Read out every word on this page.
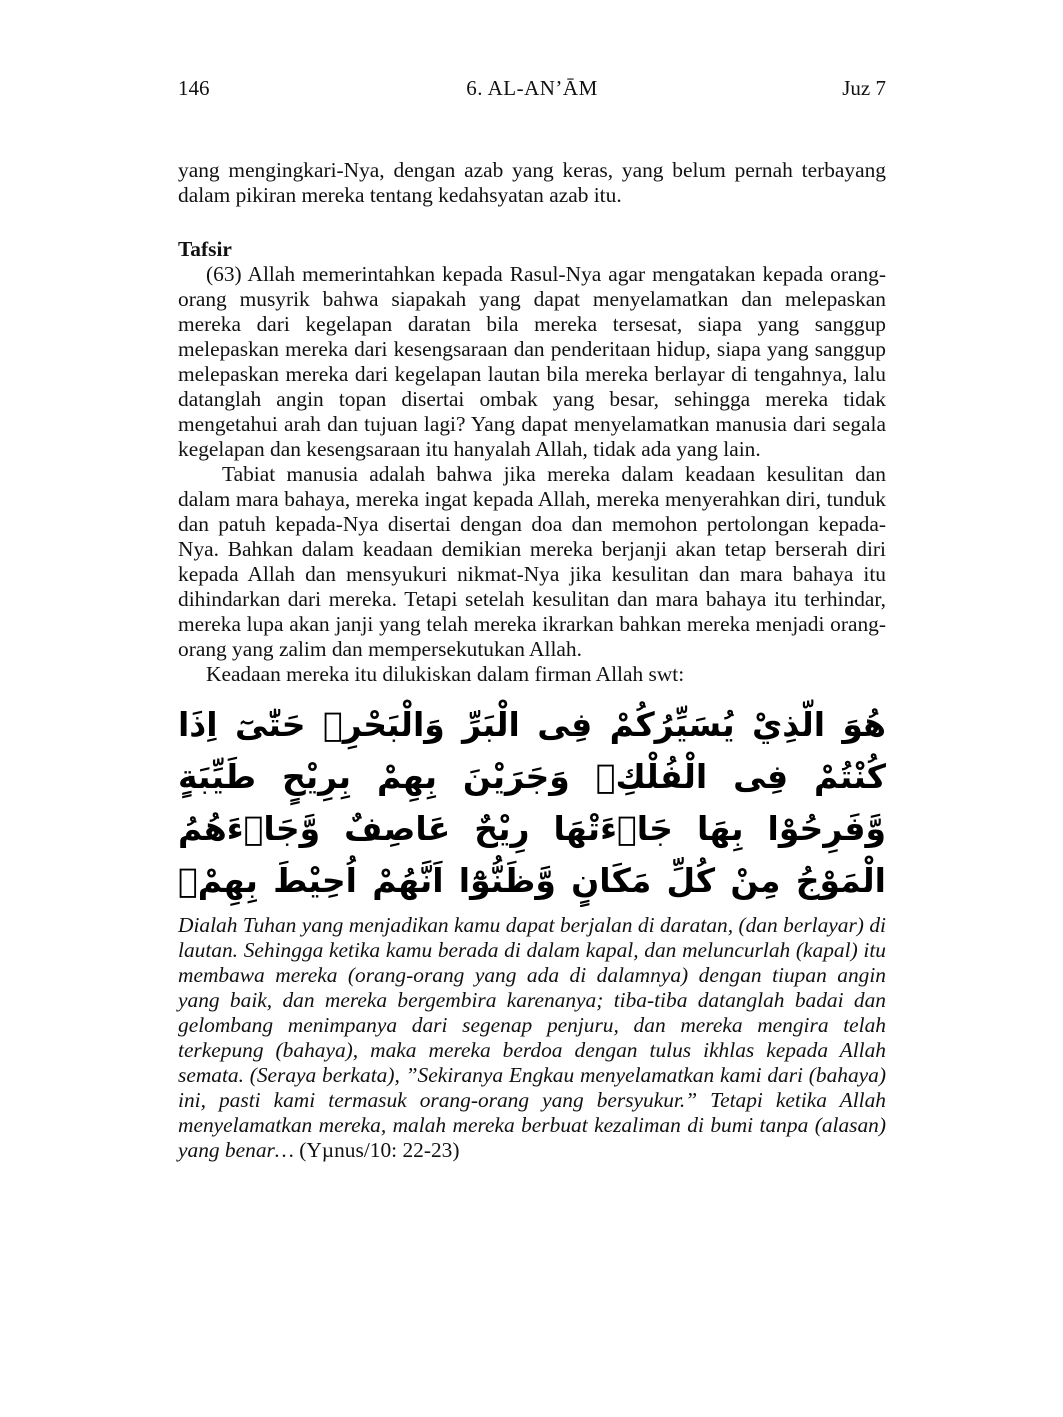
146	6. AL-AN’ĀM	Juz 7

yang mengingkari-Nya, dengan azab yang keras, yang belum pernah terbayang dalam pikiran mereka tentang kedahsyatan azab itu.

Tafsir

(63) Allah memerintahkan kepada Rasul-Nya agar mengatakan kepada orang-orang musyrik bahwa siapakah yang dapat menyelamatkan dan melepaskan mereka dari kegelapan daratan bila mereka tersesat, siapa yang sanggup melepaskan mereka dari kesengsaraan dan penderitaan hidup, siapa yang sanggup melepaskan mereka dari kegelapan lautan bila mereka berlayar di tengahnya, lalu datanglah angin topan disertai ombak yang besar, sehingga mereka tidak mengetahui arah dan tujuan lagi? Yang dapat menyelamatkan manusia dari segala kegelapan dan kesengsaraan itu hanyalah Allah, tidak ada yang lain.

Tabiat manusia adalah bahwa jika mereka dalam keadaan kesulitan dan dalam mara bahaya, mereka ingat kepada Allah, mereka menyerahkan diri, tunduk dan patuh kepada-Nya disertai dengan doa dan memohon pertolongan kepada-Nya. Bahkan dalam keadaan demikian mereka berjanji akan tetap berserah diri kepada Allah dan mensyukuri nikmat-Nya jika kesulitan dan mara bahaya itu dihindarkan dari mereka. Tetapi setelah kesulitan dan mara bahaya itu terhindar, mereka lupa akan janji yang telah mereka ikrarkan bahkan mereka menjadi orang-orang yang zalim dan mempersekutukan Allah.

Keadaan mereka itu dilukiskan dalam firman Allah swt:

هُوَ الَّذِيْ يُسَيِّرُكُمْ فِى الْبَرِّ وَالْبَحْرِۗ حَتّٰىٓ اِذَا كُنْتُمْ فِى الْفُلْكِۚ وَجَرَيْنَ بِهِمْ بِرِيْحٍ طَيِّبَةٍ وَّفَرِحُوْا بِهَا جَاۤءَتْهَا رِيْحٌ عَاصِفٌ وَّجَاۤءَهُمُ الْمَوْجُ مِنْ كُلِّ مَكَانٍ وَّظَنُّوْٓا اَنَّهُمْ اُحِيْطَ بِهِمْۙ

Dialah Tuhan yang menjadikan kamu dapat berjalan di daratan, (dan berlayar) di lautan. Sehingga ketika kamu berada di dalam kapal, dan meluncurlah (kapal) itu membawa mereka (orang-orang yang ada di dalamnya) dengan tiupan angin yang baik, dan mereka bergembira karenanya; tiba-tiba datanglah badai dan gelombang menimpanya dari segenap penjuru, dan mereka mengira telah terkepung (bahaya), maka mereka berdoa dengan tulus ikhlas kepada Allah semata. (Seraya berkata), ”Sekiranya Engkau menyelamatkan kami dari (bahaya) ini, pasti kami termasuk orang-orang yang bersyukur.” Tetapi ketika Allah menyelamatkan mereka, malah mereka berbuat kezaliman di bumi tanpa (alasan) yang benar… (Yµnus/10: 22-23)
